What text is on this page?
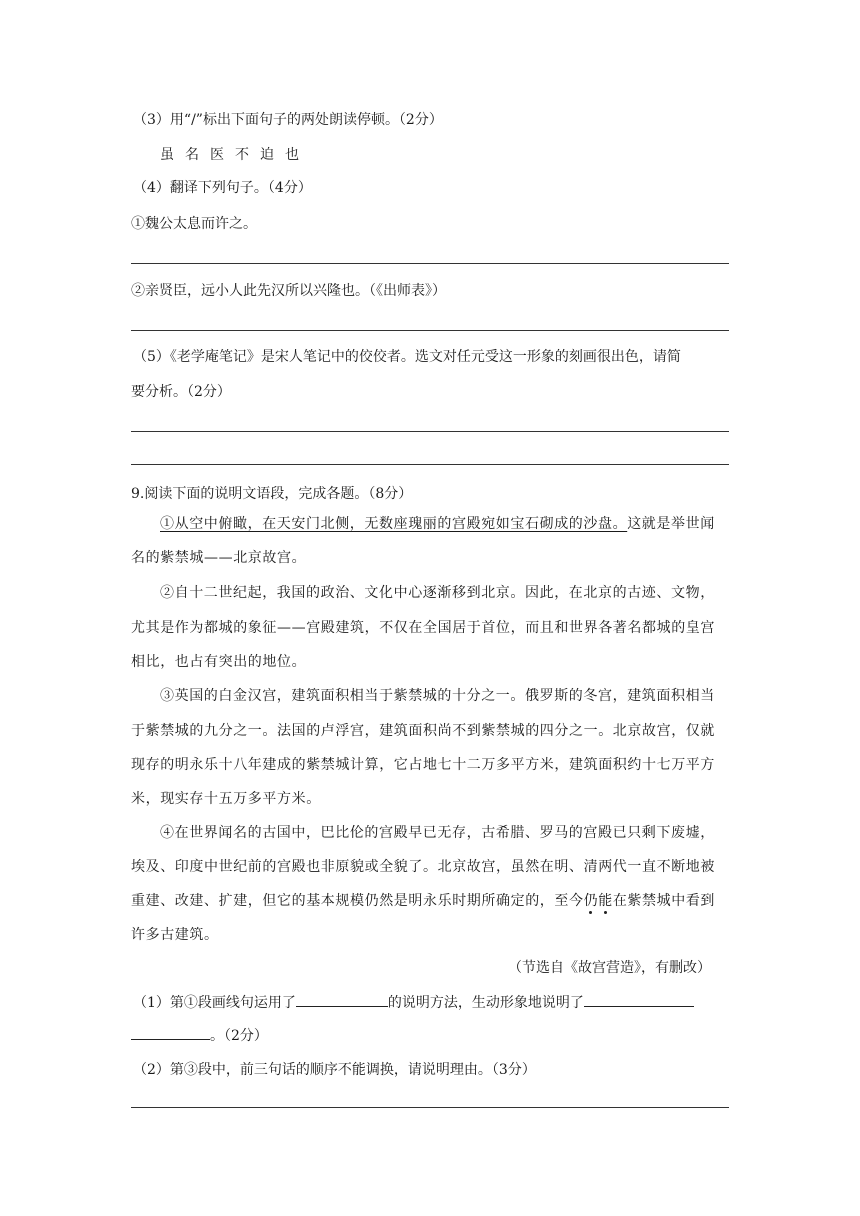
（3）用“/”标出下面句子的两处朗读停顿。（2分）
虽名医不迫也
（4）翻译下列句子。（4分）
①魏公太息而许之。
②亲贤臣，远小人此先汉所以兴隆也。（《出师表》）
（5）《老学庵笔记》是宋人笔记中的佼佼者。选文对任元受这一形象的刻画很出色，请简
要分析。（2分）
9.阅读下面的说明文语段，完成各题。（8分）
①从空中俯瞰，在天安门北侧，无数座瑰丽的宫殿宛如宝石砌成的沙盘。这就是举世闻
名的紫禁城——北京故宫。
②自十二世纪起，我国的政治、文化中心逐渐移到北京。因此，在北京的古迹、文物，
尤其是作为都城的象征——宫殿建筑，不仅在全国居于首位，而且和世界各著名都城的皇宫
相比，也占有突出的地位。
③英国的白金汉宫，建筑面积相当于紫禁城的十分之一。俄罗斯的冬宫，建筑面积相当
于紫禁城的九分之一。法国的卢浮宫，建筑面积尚不到紫禁城的四分之一。北京故宫，仅就
现存的明永乐十八年建成的紫禁城计算，它占地七十二万多平方米，建筑面积约十七万平方
米，现实存十五万多平方米。
④在世界闻名的古国中，巴比伦的宫殿早已无存，古希腊、罗马的宫殿已只剩下废墟，
埃及、印度中世纪前的宫殿也非原貌或全貌了。北京故宫，虽然在明、清两代一直不断地被
重建、改建、扩建，但它的基本规模仍然是明永乐时期所确定的，至今仍能在紫禁城中看到
许多古建筑。
（节选自《故宫营造》，有删改）
（1）第①段画线句运用了	的说明方法，生动形象地说明了
。（2分）
（2）第③段中，前三句话的顺序不能调换，请说明理由。（3分）
